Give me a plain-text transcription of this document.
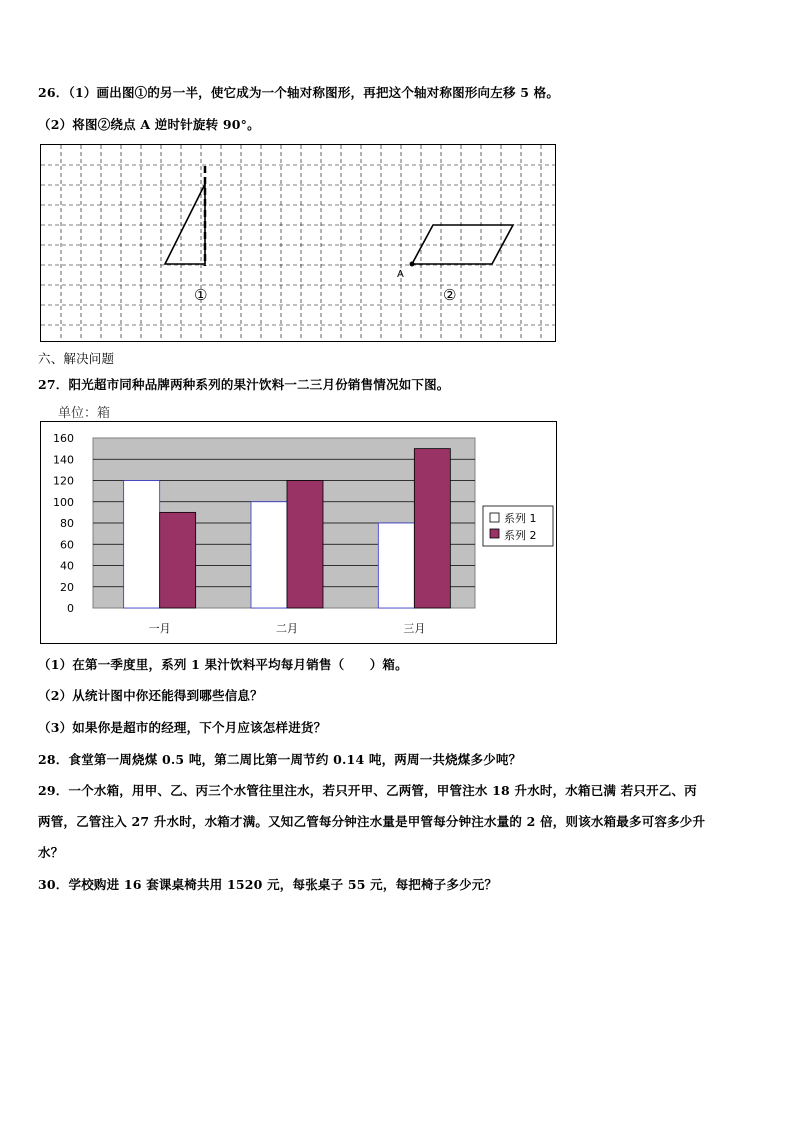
26．（1）画出图①的另一半，使它成为一个轴对称图形，再把这个轴对称图形向左移 5 格。
（2）将图②绕点 A 逆时针旋转 90°。
A
①	②
六、解决问题
27．阳光超市同种品牌两种系列的果汁饮料一二三月份销售情况如下图。
单位：箱
0
20
40
60
80
100
120
140
160
一月	二月	三月
系列 1
系列 2
（1）在第一季度里，系列 1 果汁饮料平均每月销售（　　）箱。
（2）从统计图中你还能得到哪些信息？
（3）如果你是超市的经理，下个月应该怎样进货？
28．食堂第一周烧煤 0.5 吨，第二周比第一周节约 0.14 吨，两周一共烧煤多少吨？
29．一个水箱，用甲、乙、丙三个水管往里注水，若只开甲、乙两管，甲管注水 18 升水时，水箱已满 若只开乙、丙
两管，乙管注入 27 升水时，水箱才满。又知乙管每分钟注水量是甲管每分钟注水量的 2 倍，则该水箱最多可容多少升
水？
30．学校购进 16 套课桌椅共用 1520 元，每张桌子 55 元，每把椅子多少元？
